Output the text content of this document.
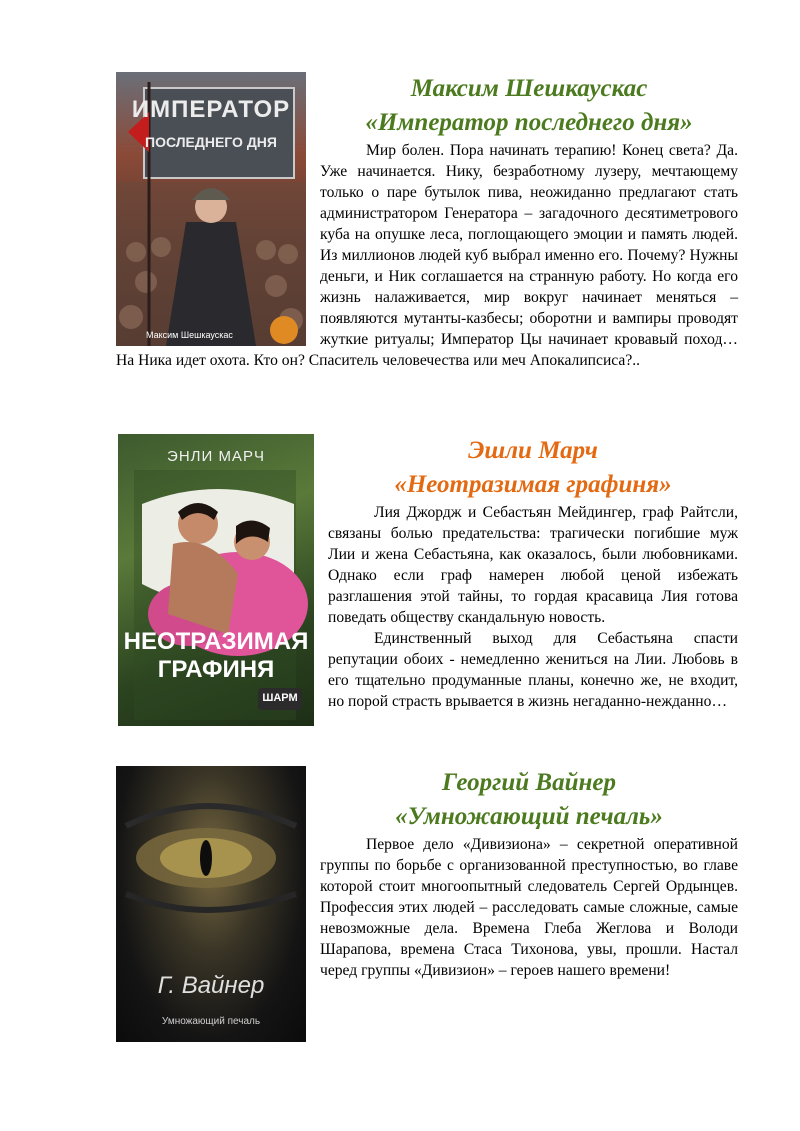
ИМПЕРАТОР
ПОСЛЕДНЕГО ДНЯ
Максим Шешкаускас
Максим Шешкаускас
«Император последнего дня»

Мир болен. Пора начинать терапию! Конец света? Да. Уже начинается. Нику, безработному лузеру, мечтающему только о паре бутылок пива, неожиданно предлагают стать администратором Генератора – загадочного десятиметрового куба на опушке леса, поглощающего эмоции и память людей. Из миллионов людей куб выбрал именно его. Почему? Нужны деньги, и Ник соглашается на странную работу. Но когда его жизнь налаживается, мир вокруг начинает меняться – появляются мутанты-казбесы; оборотни и вампиры проводят жуткие ритуалы; Император Цы начинает кровавый поход… На Ника идет охота. Кто он? Спаситель человечества или меч Апокалипсиса?..

ЭНЛИ МАРЧ
НЕОТРАЗИМАЯ
ГРАФИНЯ
ШАРМ
Эшли Марч
«Неотразимая графиня»

Лия Джордж и Себастьян Мейдингер, граф Райтсли, связаны болью предательства: трагически погибшие муж Лии и жена Себастьяна, как оказалось, были любовниками. Однако если граф намерен любой ценой избежать разглашения этой тайны, то гордая красавица Лия готова поведать обществу скандальную новость.

Единственный выход для Себастьяна спасти репутации обоих - немедленно жениться на Лии. Любовь в его тщательно продуманные планы, конечно же, не входит, но порой страсть врывается в жизнь негаданно-нежданно…

Г. Вайнер
Умножающий печаль
Георгий Вайнер
«Умножающий печаль»

Первое дело «Дивизиона» – секретной оперативной группы по борьбе с организованной преступностью, во главе которой стоит многоопытный следователь Сергей Ордынцев. Профессия этих людей – расследовать самые сложные, самые невозможные дела. Времена Глеба Жеглова и Володи Шарапова, времена Стаса Тихонова, увы, прошли. Настал черед группы «Дивизион» – героев нашего времени!
